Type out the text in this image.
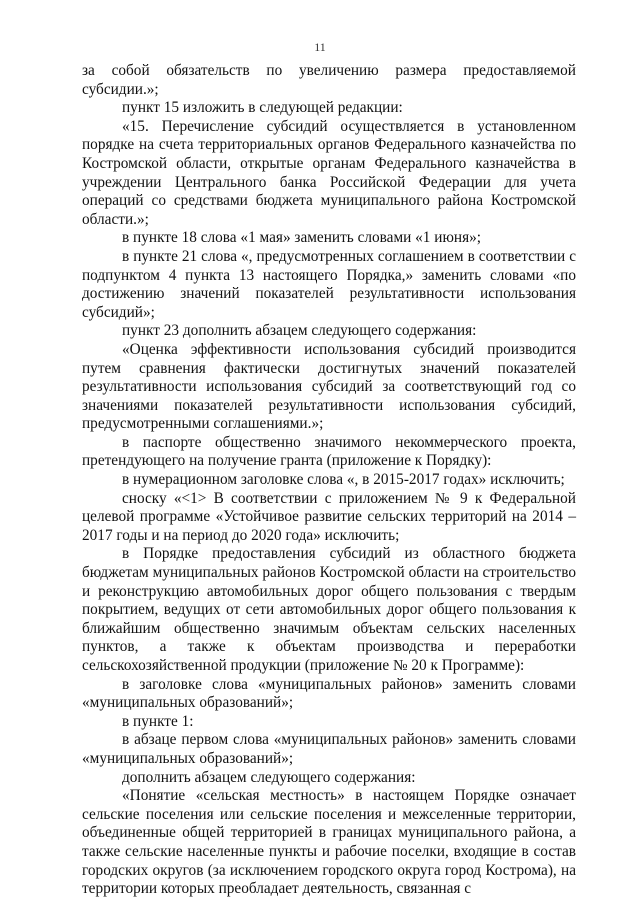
11

за собой обязательств по увеличению размера предоставляемой субсидии.»;

пункт 15 изложить в следующей редакции:

«15. Перечисление субсидий осуществляется в установленном порядке на счета территориальных органов Федерального казначейства по Костромской области, открытые органам Федерального казначейства в учреждении Центрального банка Российской Федерации для учета операций со средствами бюджета муниципального района Костромской области.»;

в пункте 18 слова «1 мая» заменить словами «1 июня»;

в пункте 21 слова «, предусмотренных соглашением в соответствии с подпунктом 4 пункта 13 настоящего Порядка,» заменить словами «по достижению значений показателей результативности использования субсидий»;

пункт 23 дополнить абзацем следующего содержания:

«Оценка эффективности использования субсидий производится путем сравнения фактически достигнутых значений показателей результативности использования субсидий за соответствующий год со значениями показателей результативности использования субсидий, предусмотренными соглашениями.»;

в паспорте общественно значимого некоммерческого проекта, претендующего на получение гранта (приложение к Порядку):

в нумерационном заголовке слова «, в 2015-2017 годах» исключить;

сноску «<1> В соответствии с приложением № 9 к Федеральной целевой программе «Устойчивое развитие сельских территорий на 2014 – 2017 годы и на период до 2020 года» исключить;

в Порядке предоставления субсидий из областного бюджета бюджетам муниципальных районов Костромской области на строительство и реконструкцию автомобильных дорог общего пользования с твердым покрытием, ведущих от сети автомобильных дорог общего пользования к ближайшим общественно значимым объектам сельских населенных пунктов, а также к объектам производства и переработки сельскохозяйственной продукции (приложение № 20 к Программе):

в заголовке слова «муниципальных районов» заменить словами «муниципальных образований»;

в пункте 1:

в абзаце первом слова «муниципальных районов» заменить словами «муниципальных образований»;

дополнить абзацем следующего содержания:

«Понятие «сельская местность» в настоящем Порядке означает сельские поселения или сельские поселения и межселенные территории, объединенные общей территорией в границах муниципального района, а также сельские населенные пункты и рабочие поселки, входящие в состав городских округов (за исключением городского округа город Кострома), на территории которых преобладает деятельность, связанная с
